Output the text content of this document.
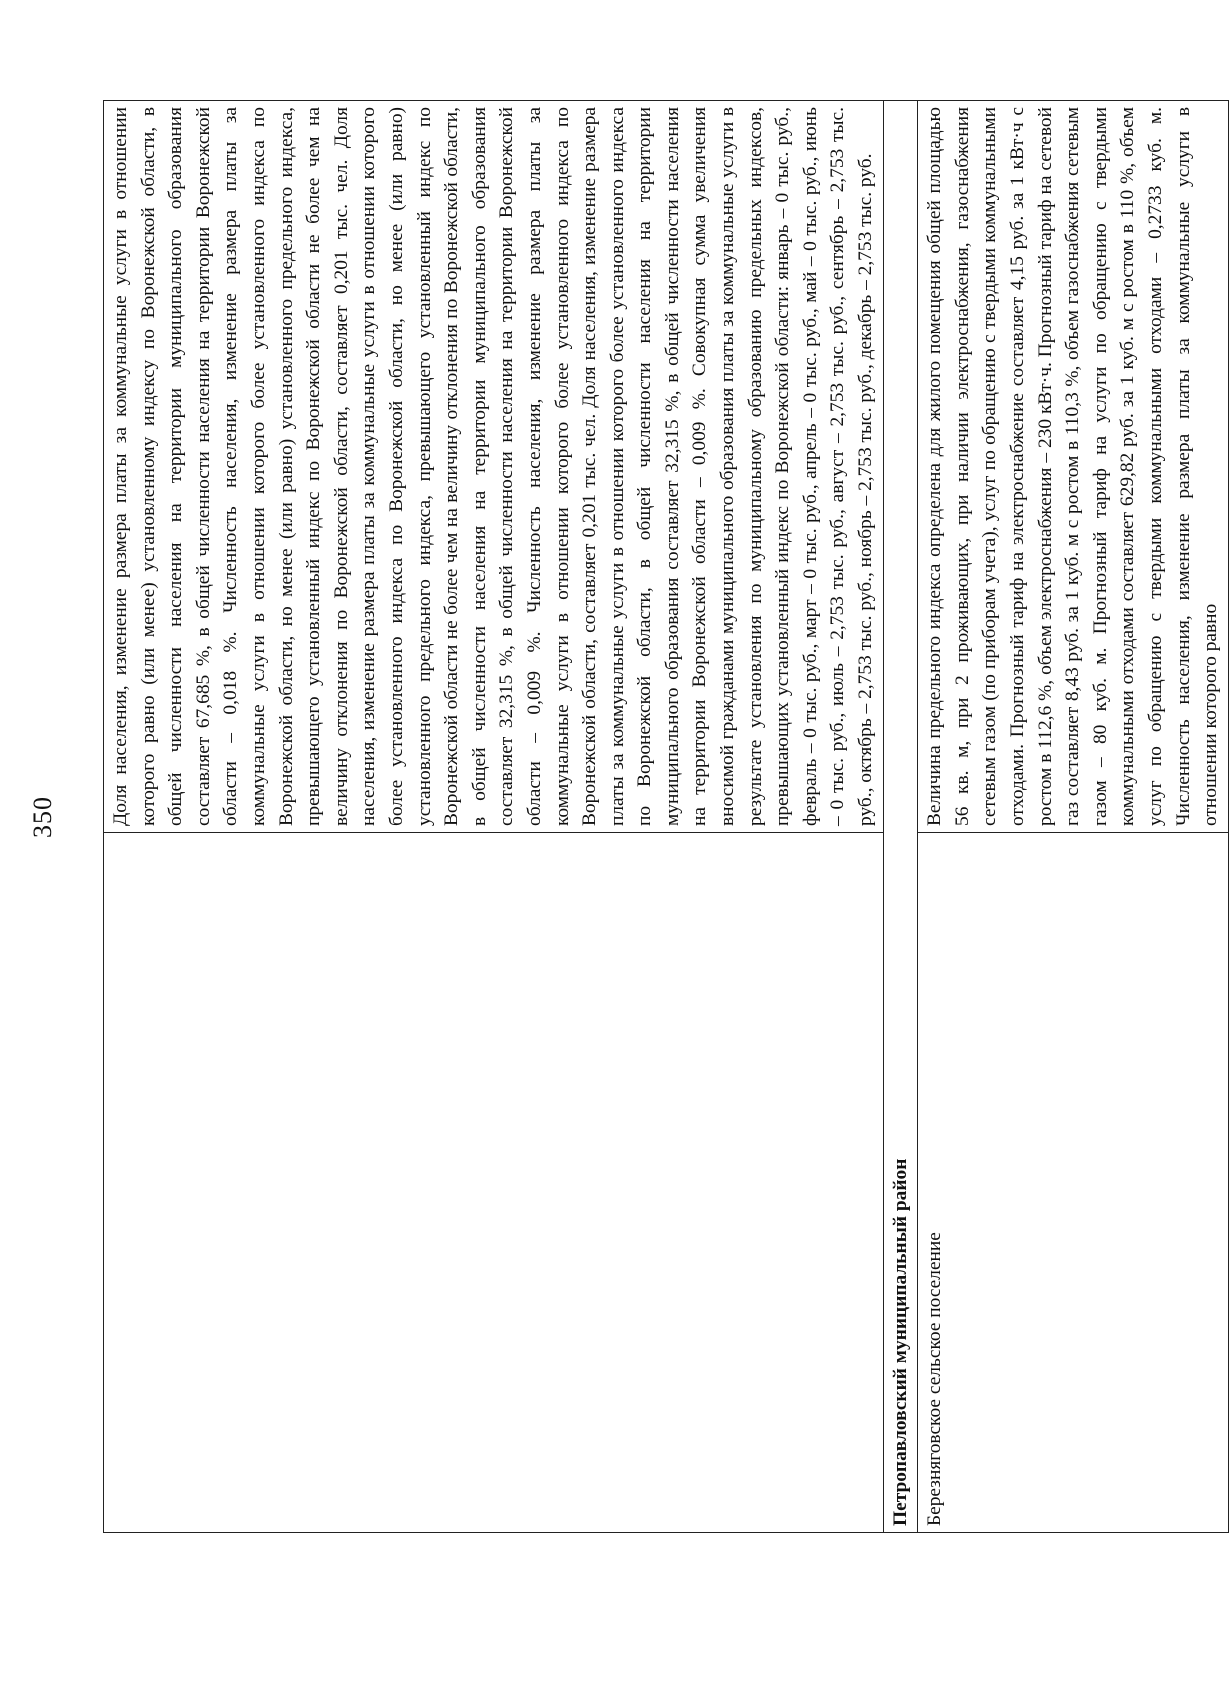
350
		Доля населения, изменение размера платы за коммунальные услуги в отношении которого равно (или менее) установленному индексу по Воронежской области, в общей численности населения на территории муниципального образования составляет 67,685 %, в общей численности населения на территории Воронежской области – 0,018 %. Численность населения, изменение размера платы за коммунальные услуги в отношении которого более установленного индекса по Воронежской области, но менее (или равно) установленного предельного индекса, превышающего установленный индекс по Воронежской области не более чем на величину отклонения по Воронежской области, составляет 0,201 тыс. чел. Доля населения, изменение размера платы за коммунальные услуги в отношении которого более установленного индекса по Воронежской области, но менее (или равно) установленного предельного индекса, превышающего установленный индекс по Воронежской области не более чем на величину отклонения по Воронежской области, в общей численности населения на территории муниципального образования составляет 32,315 %, в общей численности населения на территории Воронежской области – 0,009 %. Численность населения, изменение размера платы за коммунальные услуги в отношении которого более установленного индекса по Воронежской области, составляет 0,201 тыс. чел. Доля населения, изменение размера платы за коммунальные услуги в отношении которого более установленного индекса по Воронежской области, в общей численности населения на территории муниципального образования составляет 32,315 %, в общей численности населения на территории Воронежской области – 0,009 %. Совокупная сумма увеличения вносимой гражданами муниципального образования платы за коммунальные услуги в результате установления по муниципальному образованию предельных индексов, превышающих установленный индекс по Воронежской области: январь – 0 тыс. руб., февраль – 0 тыс. руб., март – 0 тыс. руб., апрель – 0 тыс. руб., май – 0 тыс. руб., июнь – 0 тыс. руб., июль – 2,753 тыс. руб., август – 2,753 тыс. руб., сентябрь – 2,753 тыс. руб., октябрь – 2,753 тыс. руб., ноябрь – 2,753 тыс. руб., декабрь – 2,753 тыс. руб.
Петропавловский муниципальный район	
Березняговское сельское поселение	Величина предельного индекса определена для жилого помещения общей площадью 56 кв. м, при 2 проживающих, при наличии электроснабжения, газоснабжения сетевым газом (по приборам учета), услуг по обращению с твердыми коммунальными отходами. Прогнозный тариф на электроснабжение составляет 4,15 руб. за 1 кВт·ч с ростом в 112,6 %, объем электроснабжения – 230 кВт·ч. Прогнозный тариф на сетевой газ составляет 8,43 руб. за 1 куб. м с ростом в 110,3 %, объем газоснабжения сетевым газом – 80 куб. м. Прогнозный тариф на услуги по обращению с твердыми коммунальными отходами составляет 629,82 руб. за 1 куб. м с ростом в 110 %, объем услуг по обращению с твердыми коммунальными отходами – 0,2733 куб. м. Численность населения, изменение размера платы за коммунальные услуги в отношении которого равно
